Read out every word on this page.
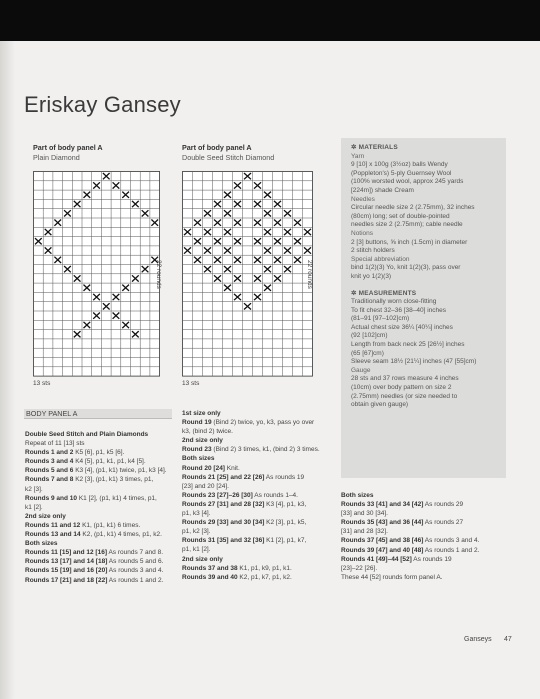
Eriskay Gansey
Part of body panel A
Plain Diamond
22 rounds
13 sts
Part of body panel A
Double Seed Stitch Diamond
22 rounds
13 sts
✲ MATERIALS
Yarn
9 [10] x 100g (3½oz) balls Wendy
(Poppleton's) 5-ply Guernsey Wool
(100% worsted wool, approx 245 yards
[224m]) shade Cream
Needles
Circular needle size 2 (2.75mm), 32 inches
(80cm) long; set of double-pointed
needles size 2 (2.75mm); cable needle
Notions
2 [3] buttons, ⅝ inch (1.5cm) in diameter
2 stitch holders
Special abbreviation
bind 1(2)(3) Yo, knit 1(2)(3), pass over
knit yo 1(2)(3)
✲ MEASUREMENTS
Traditionally worn close-fitting
To fit chest 32–36 [38–40] inches
(81–91 [97–102]cm)
Actual chest size 36¼ [40¼] inches
(92 [102]cm)
Length from back neck 25 [26½] inches
(65 [67]cm)
Sleeve seam 18½ [21¼] inches (47 [55]cm)
Gauge
28 sts and 37 rows measure 4 inches
(10cm) over body pattern on size 2
(2.75mm) needles (or size needed to
obtain given gauge)
BODY PANEL A
Double Seed Stitch and Plain Diamonds
Repeat of 11 [13] sts
Rounds 1 and 2 K5 [6], p1, k5 [6].
Rounds 3 and 4 K4 [5], p1, k1, p1, k4 [5].
Rounds 5 and 6 K3 [4], (p1, k1) twice, p1, k3 [4].
Rounds 7 and 8 K2 [3], (p1, k1) 3 times, p1,
k2 [3].
Rounds 9 and 10 K1 [2], (p1, k1) 4 times, p1,
k1 [2].
2nd size only
Rounds 11 and 12 K1, (p1, k1) 6 times.
Rounds 13 and 14 K2, (p1, k1) 4 times, p1, k2.
Both sizes
Rounds 11 [15] and 12 [16] As rounds 7 and 8.
Rounds 13 [17] and 14 [18] As rounds 5 and 6.
Rounds 15 [19] and 16 [20] As rounds 3 and 4.
Rounds 17 [21] and 18 [22] As rounds 1 and 2.
1st size only
Round 19 (Bind 2) twice, yo, k3, pass yo over
k3, (bind 2) twice.
2nd size only
Round 23 (Bind 2) 3 times, k1, (bind 2) 3 times.
Both sizes
Round 20 [24] Knit.
Rounds 21 [25] and 22 [26] As rounds 19
[23] and 20 [24].
Rounds 23 [27]–26 [30] As rounds 1–4.
Rounds 27 [31] and 28 [32] K3 [4], p1, k3,
p1, k3 [4].
Rounds 29 [33] and 30 [34] K2 [3], p1, k5,
p1, k2 [3].
Rounds 31 [35] and 32 [36] K1 [2], p1, k7,
p1, k1 [2].
2nd size only
Rounds 37 and 38 K1, p1, k9, p1, k1.
Rounds 39 and 40 K2, p1, k7, p1, k2.
Both sizes
Rounds 33 [41] and 34 [42] As rounds 29
[33] and 30 [34].
Rounds 35 [43] and 36 [44] As rounds 27
[31] and 28 [32].
Rounds 37 [45] and 38 [46] As rounds 3 and 4.
Rounds 39 [47] and 40 [48] As rounds 1 and 2.
Rounds 41 [49]–44 [52] As rounds 19
[23]–22 [26].
These 44 [52] rounds form panel A.
Ganseys 47
